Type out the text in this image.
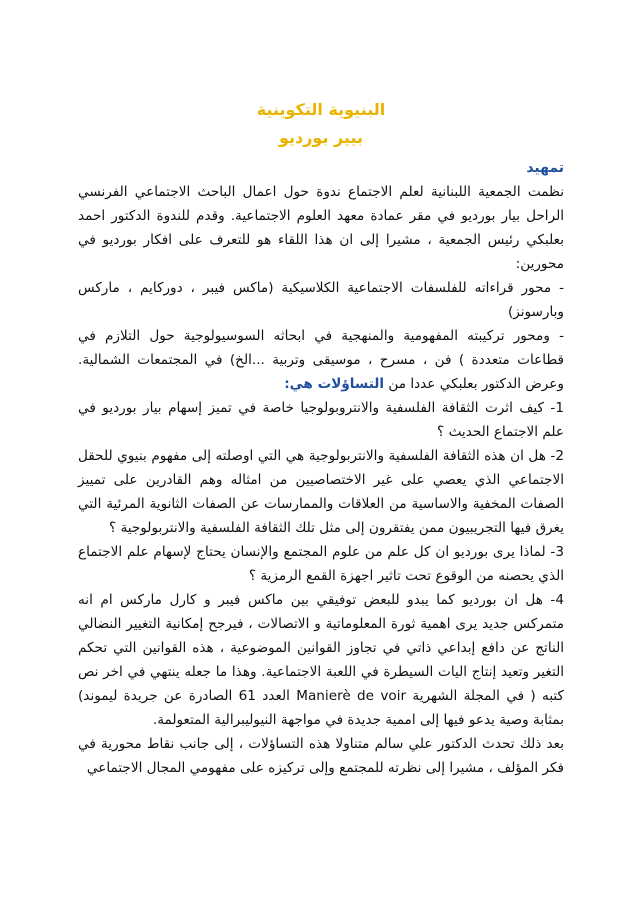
البنيوية التكوينية
بيير بورديو
تمهيد

نظمت الجمعية اللبنانية لعلم الاجتماع ندوة حول اعمال الباحث الاجتماعي الفرنسي الراحل بيار بورديو في مقر عمادة معهد العلوم الاجتماعية. وقدم للندوة الدكتور احمد بعلبكي رئيس الجمعية ، مشيرا إلى ان هذا اللقاء هو للتعرف على افكار بورديو في محورين:

- محور قراءاته للفلسفات الاجتماعية الكلاسيكية (ماكس فيبر ، دوركايم ، ماركس وبارسونز)

- ومحور تركيبته المفهومية والمنهجية في ابحاثه السوسيولوجية حول التلازم في قطاعات متعددة ) فن ، مسرح ، موسيقى وتربية ...الخ) في المجتمعات الشمالية. وعرض الدكتور بعلبكي عددا من التساؤلات هي:

1- كيف اثرت الثقافة الفلسفية والانتروبولوجيا خاصة في تميز إسهام بيار بورديو في علم الاجتماع الحديث ؟

2- هل ان هذه الثقافة الفلسفية والانتربولوجية هي التي اوصلته إلى مفهوم بنيوي للحقل الاجتماعي الذي يعصي على غير الاختصاصيين من امثاله وهم القادرين على تمييز الصفات المخفية والاساسية من العلاقات والممارسات عن الصفات الثانوية المرئية التي يغرق فيها التجريبيون ممن يفتقرون إلى مثل تلك الثقافة الفلسفية والانتربولوجية ؟

3- لماذا يرى بورديو ان كل علم من علوم المجتمع والإنسان يحتاج لإسهام علم الاجتماع الذي يحصنه من الوقوع تحت تاثير اجهزة القمع الرمزية ؟

4- هل ان بورديو كما يبدو للبعض توفيقي بين ماكس فيبر و كارل ماركس ام انه متمركس جديد يرى اهمية ثورة المعلوماتية و الاتصالات ، فيرجح إمكانية التغيير النضالي الناتج عن دافع إبداعي ذاتي في تجاوز القوانين الموضوعية ، هذه القوانين التي تحكم التغير وتعيد إنتاج اليات السيطرة في اللعبة الاجتماعية. وهذا ما جعله ينتهي في اخر نص كتبه ( في المجلة الشهرية Manierè de voir العدد 61 الصادرة عن جريدة ليموند) بمثابة وصية يدعو فيها إلى اممية جديدة في مواجهة النيوليبرالية المتعولمة.

بعد ذلك تحدث الدكتور علي سالم متناولا هذه التساؤلات ، إلى جانب نقاط محورية في فكر المؤلف ، مشيرا إلى نظرته للمجتمع وإلى تركيزه على مفهومي المجال الاجتماعي
